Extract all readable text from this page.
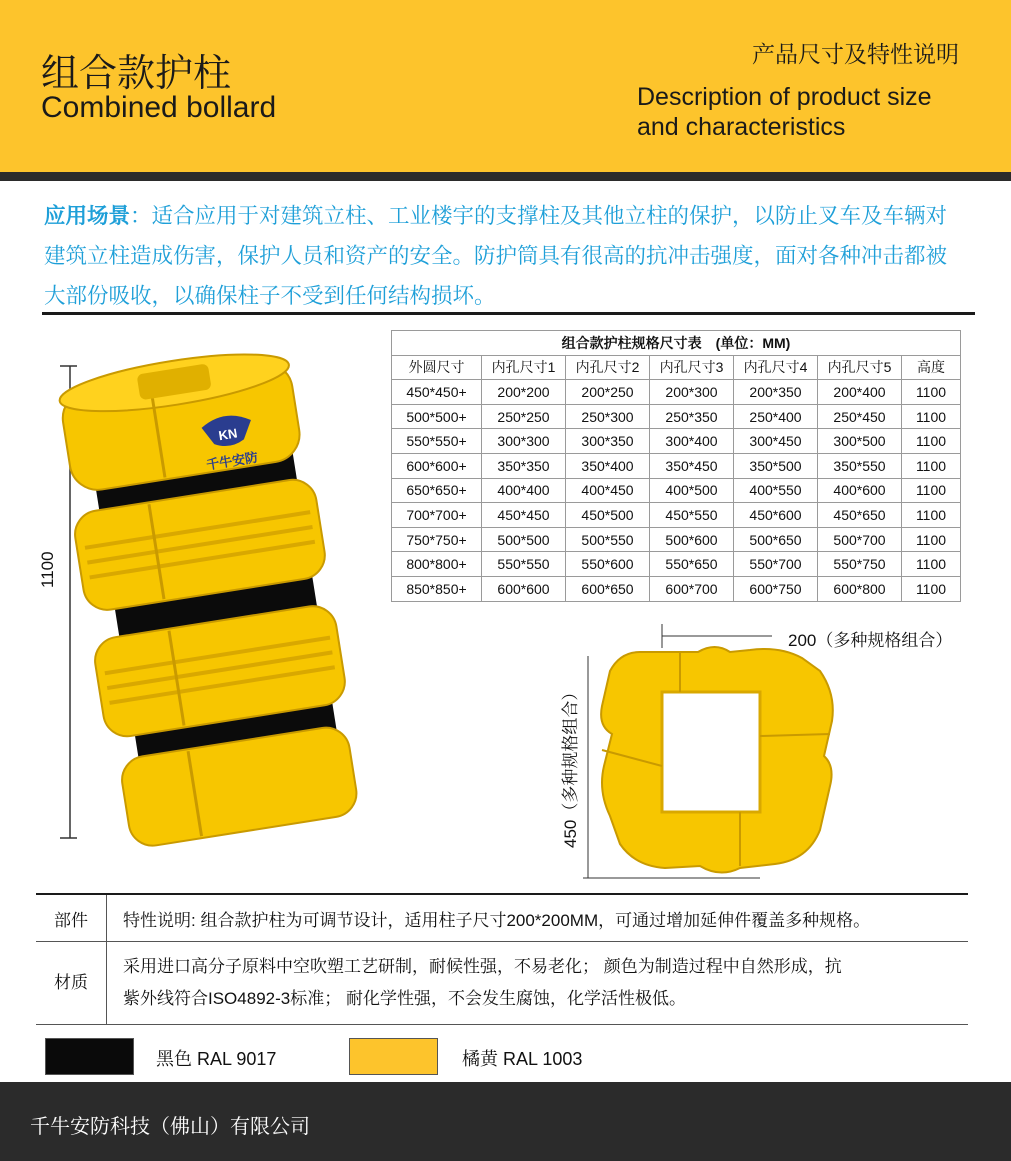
组合款护柱
Combined bollard
产品尺寸及特性说明
Description of product size
and characteristics
应用场景：适合应用于对建筑立柱、工业楼宇的支撑柱及其他立柱的保护，以防止叉车及车辆对建筑立柱造成伤害，保护人员和资产的安全。防护筒具有很高的抗冲击强度，面对各种冲击都被大部份吸收，以确保柱子不受到任何结构损坏。
KN
千牛安防
1100
组合款护柱规格尺寸表　(单位：MM)						
外圆尺寸	内孔尺寸1	内孔尺寸2	内孔尺寸3	内孔尺寸4	内孔尺寸5	高度
450*450+	200*200	200*250	200*300	200*350	200*400	1100
500*500+	250*250	250*300	250*350	250*400	250*450	1100
550*550+	300*300	300*350	300*400	300*450	300*500	1100
600*600+	350*350	350*400	350*450	350*500	350*550	1100
650*650+	400*400	400*450	400*500	400*550	400*600	1100
700*700+	450*450	450*500	450*550	450*600	450*650	1100
750*750+	500*500	500*550	500*600	500*650	500*700	1100
800*800+	550*550	550*600	550*650	550*700	550*750	1100
850*850+	600*600	600*650	600*700	600*750	600*800	1100
200（多种规格组合）
450（多种规格组合）
部件	特性说明: 组合款护柱为可调节设计，适用柱子尺寸200*200MM，可通过增加延伸件覆盖多种规格。
材质	采用进口高分子原料中空吹塑工艺研制，耐候性强，不易老化； 颜色为制造过程中自然形成，抗
紫外线符合ISO4892-3标准； 耐化学性强，不会发生腐蚀，化学活性极低。
黑色 RAL 9017	橘黄 RAL 1003
千牛安防科技（佛山）有限公司
